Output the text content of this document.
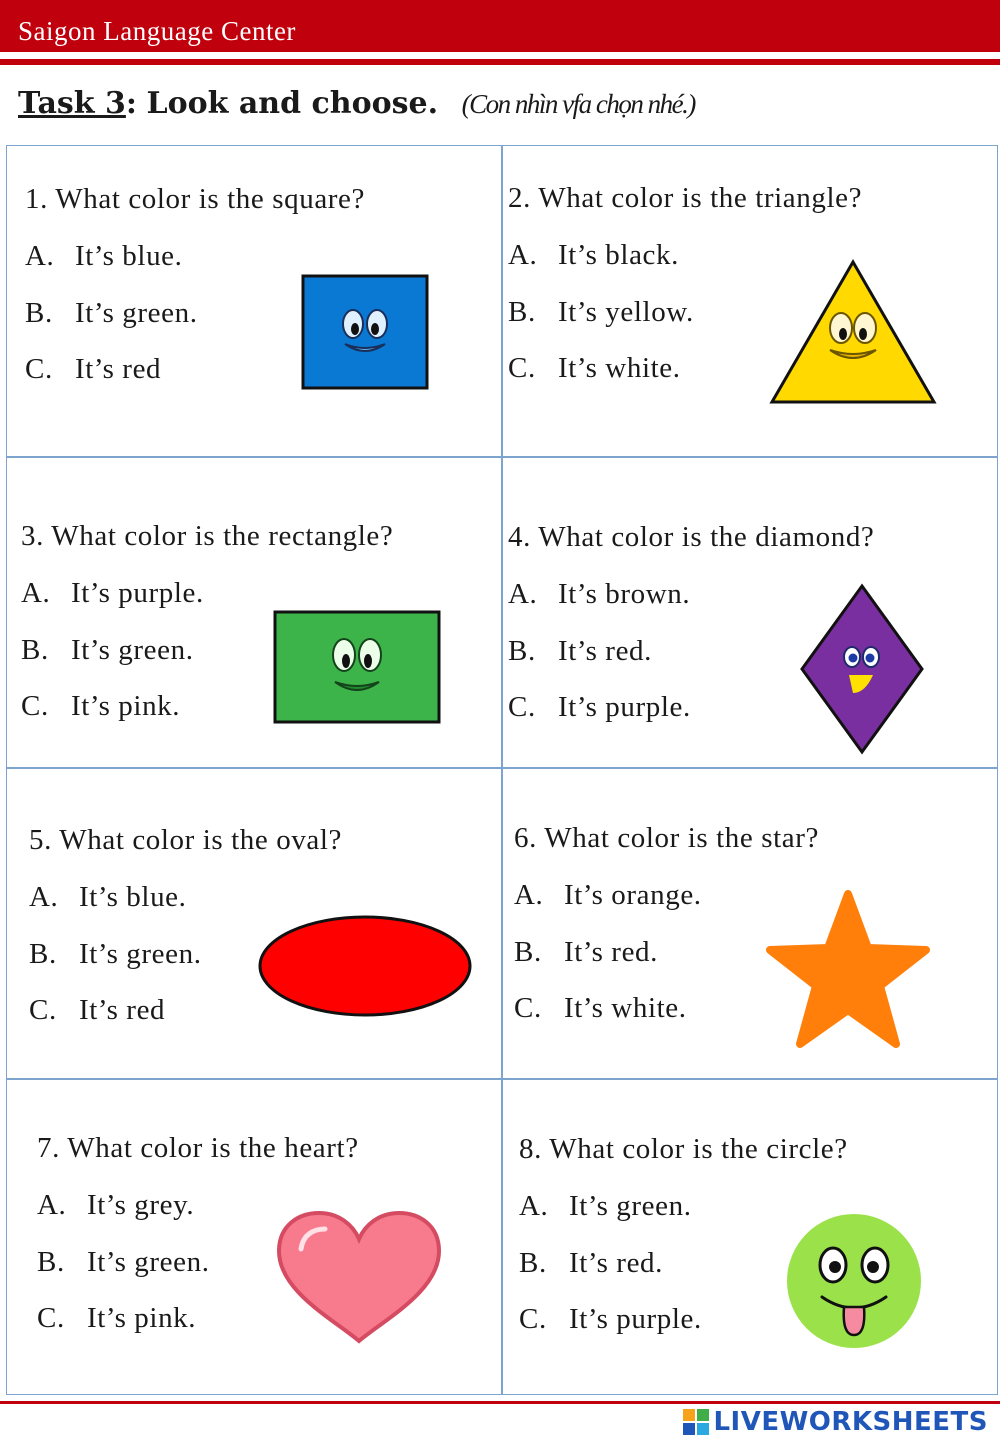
Saigon Language Center
Task 3: Look and choose. (Con nhìn vfa chọn nhé.)
1. What color is the square?
A. It’s blue.
B. It’s green.
C. It’s red
2. What color is the triangle?
A. It’s black.
B. It’s yellow.
C. It’s white.
3. What color is the rectangle?
A. It’s purple.
B. It’s green.
C. It’s pink.
4. What color is the diamond?
A. It’s brown.
B. It’s red.
C. It’s purple.
5. What color is the oval?
A. It’s blue.
B. It’s green.
C. It’s red
6. What color is the star?
A. It’s orange.
B. It’s red.
C. It’s white.
7. What color is the heart?
A. It’s grey.
B. It’s green.
C. It’s pink.
8. What color is the circle?
A. It’s green.
B. It’s red.
C. It’s purple.
LIVEWORKSHEETS
